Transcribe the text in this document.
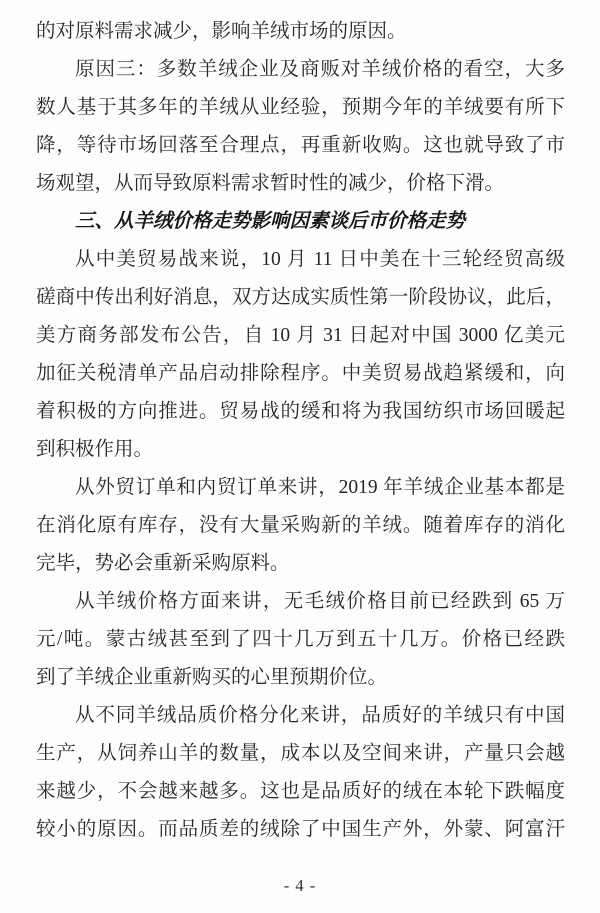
的对原料需求减少，影响羊绒市场的原因。
原因三：多数羊绒企业及商贩对羊绒价格的看空，大多
数人基于其多年的羊绒从业经验，预期今年的羊绒要有所下
降，等待市场回落至合理点，再重新收购。这也就导致了市
场观望，从而导致原料需求暂时性的减少，价格下滑。
三、从羊绒价格走势影响因素谈后市价格走势
从中美贸易战来说，10 月 11 日中美在十三轮经贸高级
磋商中传出利好消息，双方达成实质性第一阶段协议，此后，
美方商务部发布公告，自 10 月 31 日起对中国 3000 亿美元
加征关税清单产品启动排除程序。中美贸易战趋紧缓和，向
着积极的方向推进。贸易战的缓和将为我国纺织市场回暖起
到积极作用。
从外贸订单和内贸订单来讲，2019 年羊绒企业基本都是
在消化原有库存，没有大量采购新的羊绒。随着库存的消化
完毕，势必会重新采购原料。
从羊绒价格方面来讲，无毛绒价格目前已经跌到 65 万
元/吨。蒙古绒甚至到了四十几万到五十几万。价格已经跌
到了羊绒企业重新购买的心里预期价位。
从不同羊绒品质价格分化来讲，品质好的羊绒只有中国
生产，从饲养山羊的数量，成本以及空间来讲，产量只会越
来越少，不会越来越多。这也是品质好的绒在本轮下跌幅度
较小的原因。而品质差的绒除了中国生产外，外蒙、阿富汗
- 4 -
